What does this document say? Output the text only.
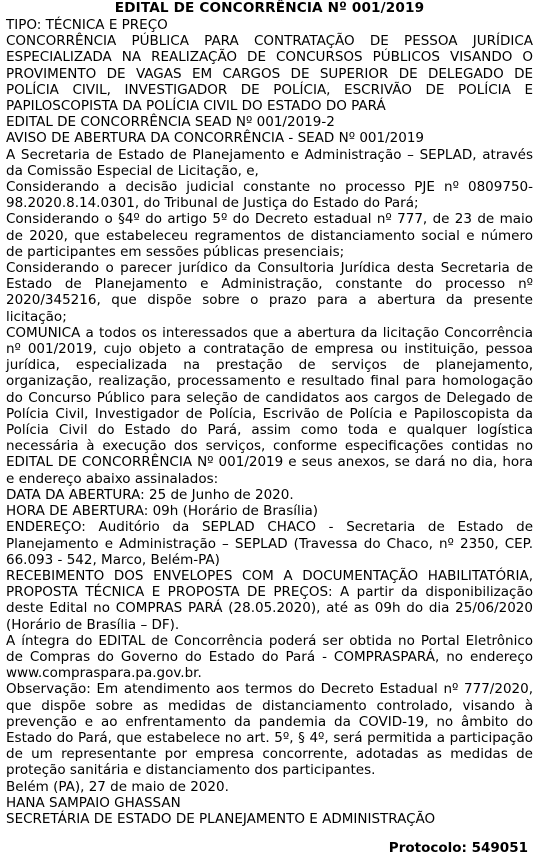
EDITAL DE CONCORRÊNCIA Nº 001/2019

TIPO: TÉCNICA E PREÇO

CONCORRÊNCIA PÚBLICA PARA CONTRATAÇÃO DE PESSOA JURÍDICA ESPECIALIZADA NA REALIZAÇÃO DE CONCURSOS PÚBLICOS VISANDO O PROVIMENTO DE VAGAS EM CARGOS DE SUPERIOR DE DELEGADO DE POLÍCIA CIVIL, INVESTIGADOR DE POLÍCIA, ESCRIVÃO DE POLÍCIA E PAPILOSCOPISTA DA POLÍCIA CIVIL DO ESTADO DO PARÁ

EDITAL DE CONCORRÊNCIA SEAD Nº 001/2019-2

AVISO DE ABERTURA DA CONCORRÊNCIA - SEAD Nº 001/2019

A Secretaria de Estado de Planejamento e Administração – SEPLAD, através da Comissão Especial de Licitação, e,

Considerando a decisão judicial constante no processo PJE nº 0809750-98.2020.8.14.0301, do Tribunal de Justiça do Estado do Pará;

Considerando o §4º do artigo 5º do Decreto estadual nº 777, de 23 de maio de 2020, que estabeleceu regramentos de distanciamento social e número de participantes em sessões públicas presenciais;

Considerando o parecer jurídico da Consultoria Jurídica desta Secretaria de Estado de Planejamento e Administração, constante do processo nº 2020/345216, que dispõe sobre o prazo para a abertura da presente licitação;

COMUNICA a todos os interessados que a abertura da licitação Concorrência nº 001/2019, cujo objeto a contratação de empresa ou instituição, pessoa jurídica, especializada na prestação de serviços de planejamento, organização, realização, processamento e resultado final para homologação do Concurso Público para seleção de candidatos aos cargos de Delegado de Polícia Civil, Investigador de Polícia, Escrivão de Polícia e Papiloscopista da Polícia Civil do Estado do Pará, assim como toda e qualquer logística necessária à execução dos serviços, conforme especificações contidas no EDITAL DE CONCORRÊNCIA Nº 001/2019 e seus anexos, se dará no dia, hora e endereço abaixo assinalados:

DATA DA ABERTURA: 25 de Junho de 2020.

HORA DE ABERTURA: 09h (Horário de Brasília)

ENDEREÇO: Auditório da SEPLAD CHACO - Secretaria de Estado de Planejamento e Administração – SEPLAD (Travessa do Chaco, nº 2350, CEP. 66.093 - 542, Marco, Belém-PA)

RECEBIMENTO DOS ENVELOPES COM A DOCUMENTAÇÃO HABILITATÓRIA, PROPOSTA TÉCNICA E PROPOSTA DE PREÇOS: A partir da disponibilização deste Edital no COMPRAS PARÁ (28.05.2020), até as 09h do dia 25/06/2020 (Horário de Brasília – DF).

A íntegra do EDITAL de Concorrência poderá ser obtida no Portal Eletrônico de Compras do Governo do Estado do Pará - COMPRASPARÁ, no endereço www.compraspara.pa.gov.br.

Observação: Em atendimento aos termos do Decreto Estadual nº 777/2020, que dispõe sobre as medidas de distanciamento controlado, visando à prevenção e ao enfrentamento da pandemia da COVID-19, no âmbito do Estado do Pará, que estabelece no art. 5º, § 4º, será permitida a participação de um representante por empresa concorrente, adotadas as medidas de proteção sanitária e distanciamento dos participantes.

Belém (PA), 27 de maio de 2020.

HANA SAMPAIO GHASSAN

SECRETÁRIA DE ESTADO DE PLANEJAMENTO E ADMINISTRAÇÃO

Protocolo: 549051
